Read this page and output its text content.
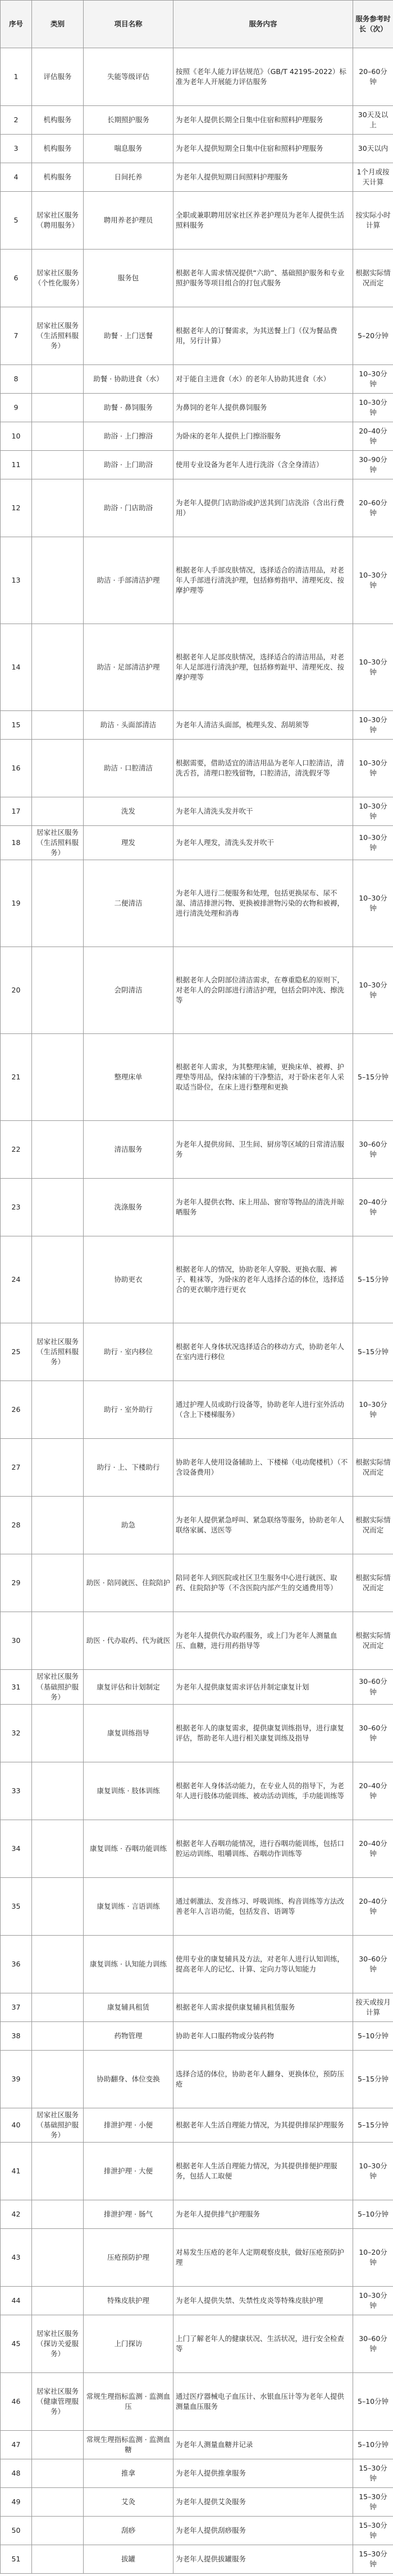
序号	类别	项目名称	服务内容	服务参考时长（次）
1	评估服务	失能等级评估	按照《老年人能力评估规范》（GB/T 42195-2022）标准为老年人开展能力评估服务	20–60分钟
2	机构服务	长期照护服务	为老年人提供长期全日集中住宿和照料护理服务	30天及以上
3	机构服务	喘息服务	为老年人提供短期全日集中住宿和照料护理服务	30天以内
4	机构服务	日间托养	为老年人提供短期日间照料护理服务	1个月或按天计算
5	居家社区服务（聘用服务）	聘用养老护理员	全职或兼职聘用居家社区养老护理员为老年人提供生活照料服务	按实际小时计算
6	居家社区服务（个性化服务）	服务包	根据老年人需求情况提供“六助”、基础照护服务和专业照护服务等项目组合的打包式服务	根据实际情况而定
7	居家社区服务（生活照料服务）	助餐 · 上门送餐	根据老年人的订餐需求，为其送餐上门（仅为餐品费用，另行计算）	5–20分钟
8		助餐 · 协助进食（水）	对于能自主进食（水）的老年人协助其进食（水）	10–30分钟
9		助餐 · 鼻饲服务	为鼻饲的老年人提供鼻饲服务	10–30分钟
10		助浴 · 上门擦浴	为卧床的老年人提供上门擦浴服务	20–40分钟
11		助浴 · 上门助浴	使用专业设备为老年人进行洗浴（含全身清洁）	30–90分钟
12		助浴 · 门店助浴	为老年人提供门店助浴或护送其到门店洗浴（含出行费用）	20–60分钟
13		助洁 · 手部清洁护理	根据老年人手部皮肤情况，选择适合的清洁用品，对老年人手部进行清洗护理，包括修剪指甲、清理死皮、按摩护理等	10–30分钟
14		助洁 · 足部清洁护理	根据老年人足部皮肤情况，选择适合的清洁用品，对老年人足部进行清洗护理，包括修剪趾甲、清理死皮、按摩护理等	10–30分钟
15		助洁 · 头面部清洁	为老年人清洁头面部，梳理头发、刮胡须等	10–30分钟
16		助洁 · 口腔清洁	根据需要，借助适宜的清洁用品为老年人口腔清洁，清洗舌苔，清理口腔残留物，口腔清洁，清洗假牙等	10–30分钟
17		洗发	为老年人清洗头发并吹干	10–30分钟
18	居家社区服务（生活照料服务）	理发	为老年人理发，清洗头发并吹干	10–30分钟
19		二便清洁	为老年人进行二便服务和处理，包括更换尿布、尿不湿、清洁排泄污物、更换被排泄物污染的衣物和被褥，进行清洗处理和消毒	10–30分钟
20		会阴清洁	根据老年人会阴部位清洁需求，在尊重隐私的原则下，对老年人的会阴部进行清洁护理，包括会阴冲洗、擦洗等	10–30分钟
21		整理床单	根据老年人需求，为其整理床铺，更换床单、被褥、护理垫等用品，保持床铺的干净整洁，对于卧床老年人采取适当卧位，在床上进行整理和更换	5–15分钟
22		清洁服务	为老年人提供房间、卫生间、厨房等区域的日常清洁服务	30–60分钟
23		洗涤服务	为老年人提供衣物、床上用品、窗帘等物品的清洗并晾晒服务	20–40分钟
24		协助更衣	根据老年人的情况，协助老年人穿脱、更换衣服、裤子、鞋袜等，为卧床的老年人选择合适的体位，选择适合的更衣顺序进行更衣	5–15分钟
25	居家社区服务（生活照料服务）	助行 · 室内移位	根据老年人身体状况选择适合的移动方式，协助老年人在室内进行移位	5–15分钟
26		助行 · 室外助行	通过护理人员或助行设备等，协助老年人进行室外活动（含上下楼梯服务）	10–30分钟
27		助行 · 上、下楼助行	协助老年人使用设备辅助上、下楼梯（电动爬楼机）（不含设备费用）	根据实际情况而定
28		助急	为老年人提供紧急呼叫、紧急联络等服务，协助老年人联络家属、送医等	根据实际情况而定
29		助医 · 陪同就医、住院陪护	陪同老年人到医院或社区卫生服务中心进行就医、取药、住院陪护等（不含医院内部产生的交通费用等）	根据实际情况而定
30		助医 · 代办取药、代为就医	为老年人提供代办取药服务，或上门为老年人测量血压、血糖，进行用药指导等	根据实际情况而定
31	居家社区服务（基础照护服务）	康复评估和计划制定	为老年人提供康复需求评估并制定康复计划	30–60分钟
32		康复训练指导	根据老年人的康复需求，提供康复训练指导，进行康复评估，帮助老年人进行相关康复训练及指导	30–60分钟
33		康复训练 · 肢体训练	根据老年人身体活动能力，在专业人员的指导下，为老年人进行肢体功能训练、被动活动训练，手功能训练等	20–40分钟
34		康复训练 · 吞咽功能训练	根据老年人吞咽功能情况，进行吞咽功能训练，包括口腔运动训练、咀嚼训练、吞咽动作训练等	20–40分钟
35		康复训练 · 言语训练	通过刺激法、发音练习、呼吸训练、构音训练等方法改善老年人言语功能，包括发音、语调等	20–40分钟
36		康复训练 · 认知能力训练	使用专业的康复辅具及方法，对老年人进行认知训练，提高老年人的记忆、计算、定向力等认知能力	30–60分钟
37		康复辅具租赁	根据老年人需求提供康复辅具租赁服务	按天或按月计算
38		药物管理	协助老年人口服药物或分装药物	5–10分钟
39		协助翻身、体位变换	选择合适的体位，协助老年人翻身、更换体位，预防压疮	5–15分钟
40	居家社区服务（基础照护服务）	排泄护理 · 小便	根据老年人生活自理能力情况，为其提供排尿护理服务	5–15分钟
41		排泄护理 · 大便	根据老年人生活自理能力情况，为其提供排便护理服务，包括人工取便	10–30分钟
42		排泄护理 · 肠气	为老年人提供排气护理服务	5–10分钟
43		压疮预防护理	对易发生压疮的老年人定期观察皮肤，做好压疮预防护理	10–20分钟
44		特殊皮肤护理	为老年人提供失禁、失禁性皮炎等特殊皮肤护理	10–30分钟
45	居家社区服务（探访关爱服务）	上门探访	上门了解老年人的健康状况、生活状况，进行安全检查等	30–60分钟
46	居家社区服务（健康管理服务）	常规生理指标监测 · 监测血压	通过医疗器械电子血压计、水银血压计等为老年人提供测量血压服务	5–10分钟
47		常规生理指标监测 · 监测血糖	为老年人测量血糖并记录	5–10分钟
48		推拿	为老年人提供推拿服务	15–30分钟
49		艾灸	为老年人提供艾灸服务	15–30分钟
50		刮痧	为老年人提供刮痧服务	15–30分钟
51		拔罐	为老年人提供拔罐服务	15–30分钟
